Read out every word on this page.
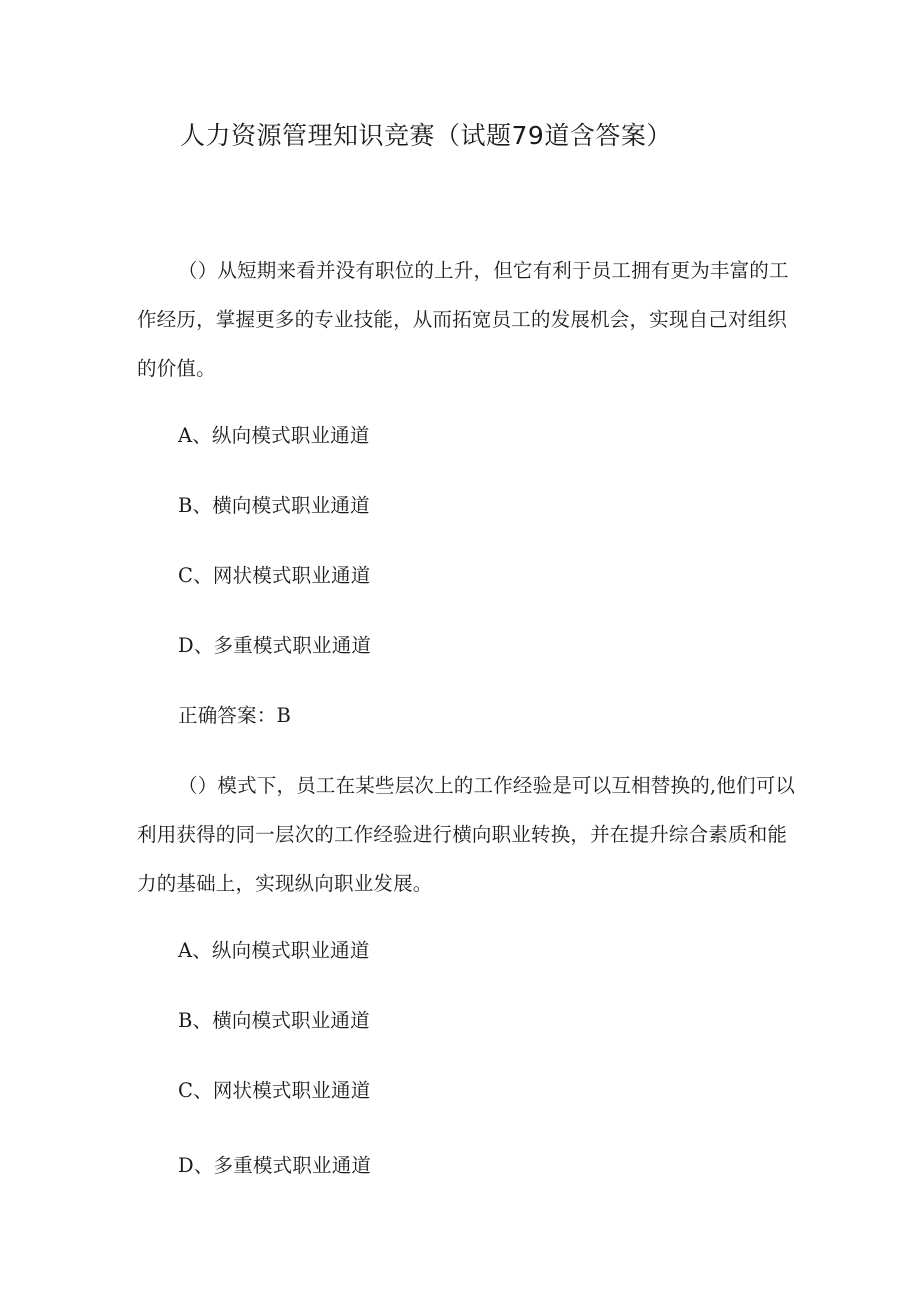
人力资源管理知识竞赛（试题79道含答案）
（）从短期来看并没有职位的上升，但它有利于员工拥有更为丰富的工作经历，掌握更多的专业技能，从而拓宽员工的发展机会，实现自己对组织的价值。
A、纵向模式职业通道
B、横向模式职业通道
C、网状模式职业通道
D、多重模式职业通道
正确答案：B
（）模式下，员工在某些层次上的工作经验是可以互相替换的,他们可以利用获得的同一层次的工作经验进行横向职业转换，并在提升综合素质和能力的基础上，实现纵向职业发展。
A、纵向模式职业通道
B、横向模式职业通道
C、网状模式职业通道
D、多重模式职业通道
